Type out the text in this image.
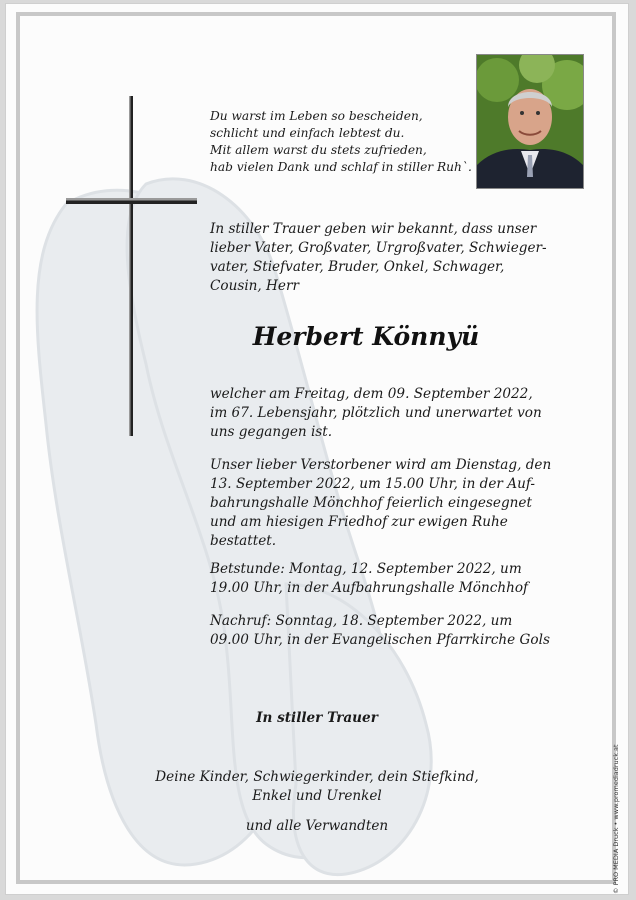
Du warst im Leben so bescheiden,
schlicht und einfach lebtest du.
Mit allem warst du stets zufrieden,
hab vielen Dank und schlaf in stiller Ruh`.
In stiller Trauer geben wir bekannt, dass unser
lieber Vater, Großvater, Urgroßvater, Schwieger-
vater, Stiefvater, Bruder, Onkel, Schwager,
Cousin, Herr
Herbert Könnyü
welcher am Freitag, dem 09. September 2022,
im 67. Lebensjahr, plötzlich und unerwartet von
uns gegangen ist.
Unser lieber Verstorbener wird am Dienstag, den
13. September 2022, um 15.00 Uhr, in der Auf-
bahrungshalle Mönchhof feierlich eingesegnet
und am hiesigen Friedhof zur ewigen Ruhe
bestattet.
Betstunde: Montag, 12. September 2022, um
19.00 Uhr, in der Aufbahrungshalle Mönchhof
Nachruf: Sonntag, 18. September 2022, um
09.00 Uhr, in der Evangelischen Pfarrkirche Gols
In stiller Trauer
Deine Kinder, Schwiegerkinder, dein Stiefkind,
Enkel und Urenkel
und alle Verwandten	© PRO MEDIA Druck • www.promediadruck.at
